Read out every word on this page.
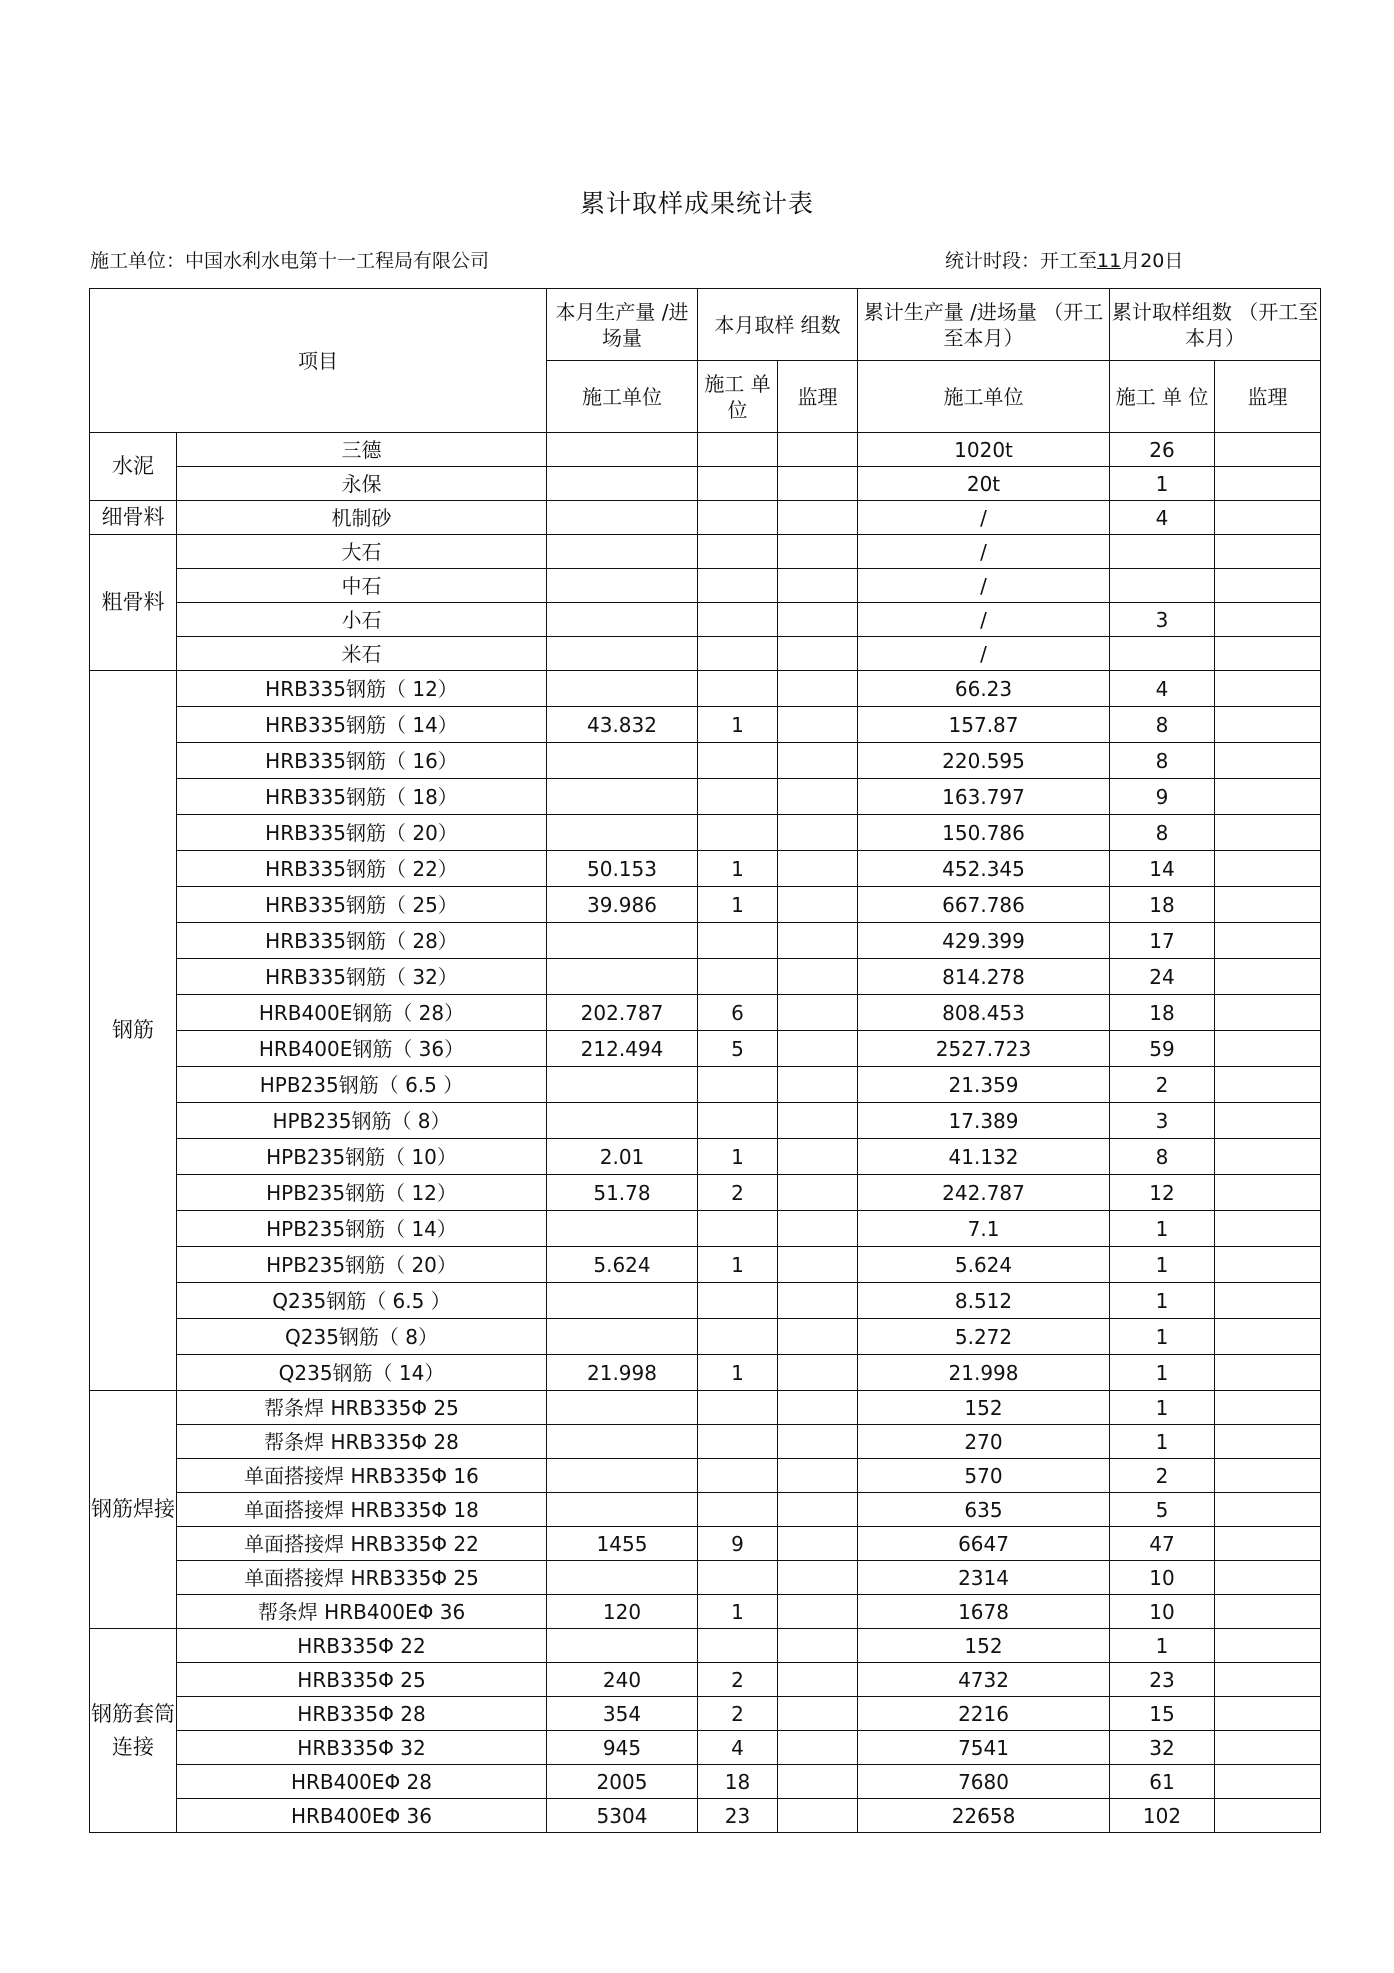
累计取样成果统计表
施工单位：中国水利水电第十一工程局有限公司	统计时段：开工至11月20日
项目		本月生产量 /进场量	本月取样 组数		累计生产量 /进场量 （开工至本月）	累计取样组数 （开工至本月）	
		施工单位	施工 单位	监理	施工单位	施工 单 位	监理
水泥	三德				1020t	26	
	永保				20t	1	
细骨料	机制砂				/	4	
粗骨料	大石				/		
	中石				/		
	小石				/	3	
	米石				/		
钢筋	HRB335钢筋（ 12）				66.23	4	
	HRB335钢筋（ 14）	43.832	1		157.87	8	
	HRB335钢筋（ 16）				220.595	8	
	HRB335钢筋（ 18）				163.797	9	
	HRB335钢筋（ 20）				150.786	8	
	HRB335钢筋（ 22）	50.153	1		452.345	14	
	HRB335钢筋（ 25）	39.986	1		667.786	18	
	HRB335钢筋（ 28）				429.399	17	
	HRB335钢筋（ 32）				814.278	24	
	HRB400E钢筋（ 28）	202.787	6		808.453	18	
	HRB400E钢筋（ 36）	212.494	5		2527.723	59	
	HPB235钢筋（ 6.5 ）				21.359	2	
	HPB235钢筋（ 8）				17.389	3	
	HPB235钢筋（ 10）	2.01	1		41.132	8	
	HPB235钢筋（ 12）	51.78	2		242.787	12	
	HPB235钢筋（ 14）				7.1	1	
	HPB235钢筋（ 20）	5.624	1		5.624	1	
	Q235钢筋（ 6.5 ）				8.512	1	
	Q235钢筋（ 8）				5.272	1	
	Q235钢筋（ 14）	21.998	1		21.998	1	
钢筋焊接	帮条焊 HRB335Φ 25				152	1	
	帮条焊 HRB335Φ 28				270	1	
	单面搭接焊 HRB335Φ 16				570	2	
	单面搭接焊 HRB335Φ 18				635	5	
	单面搭接焊 HRB335Φ 22	1455	9		6647	47	
	单面搭接焊 HRB335Φ 25				2314	10	
	帮条焊 HRB400EΦ 36	120	1		1678	10	
钢筋套筒连接	HRB335Φ 22				152	1	
	HRB335Φ 25	240	2		4732	23	
	HRB335Φ 28	354	2		2216	15	
	HRB335Φ 32	945	4		7541	32	
	HRB400EΦ 28	2005	18		7680	61	
	HRB400EΦ 36	5304	23		22658	102	
